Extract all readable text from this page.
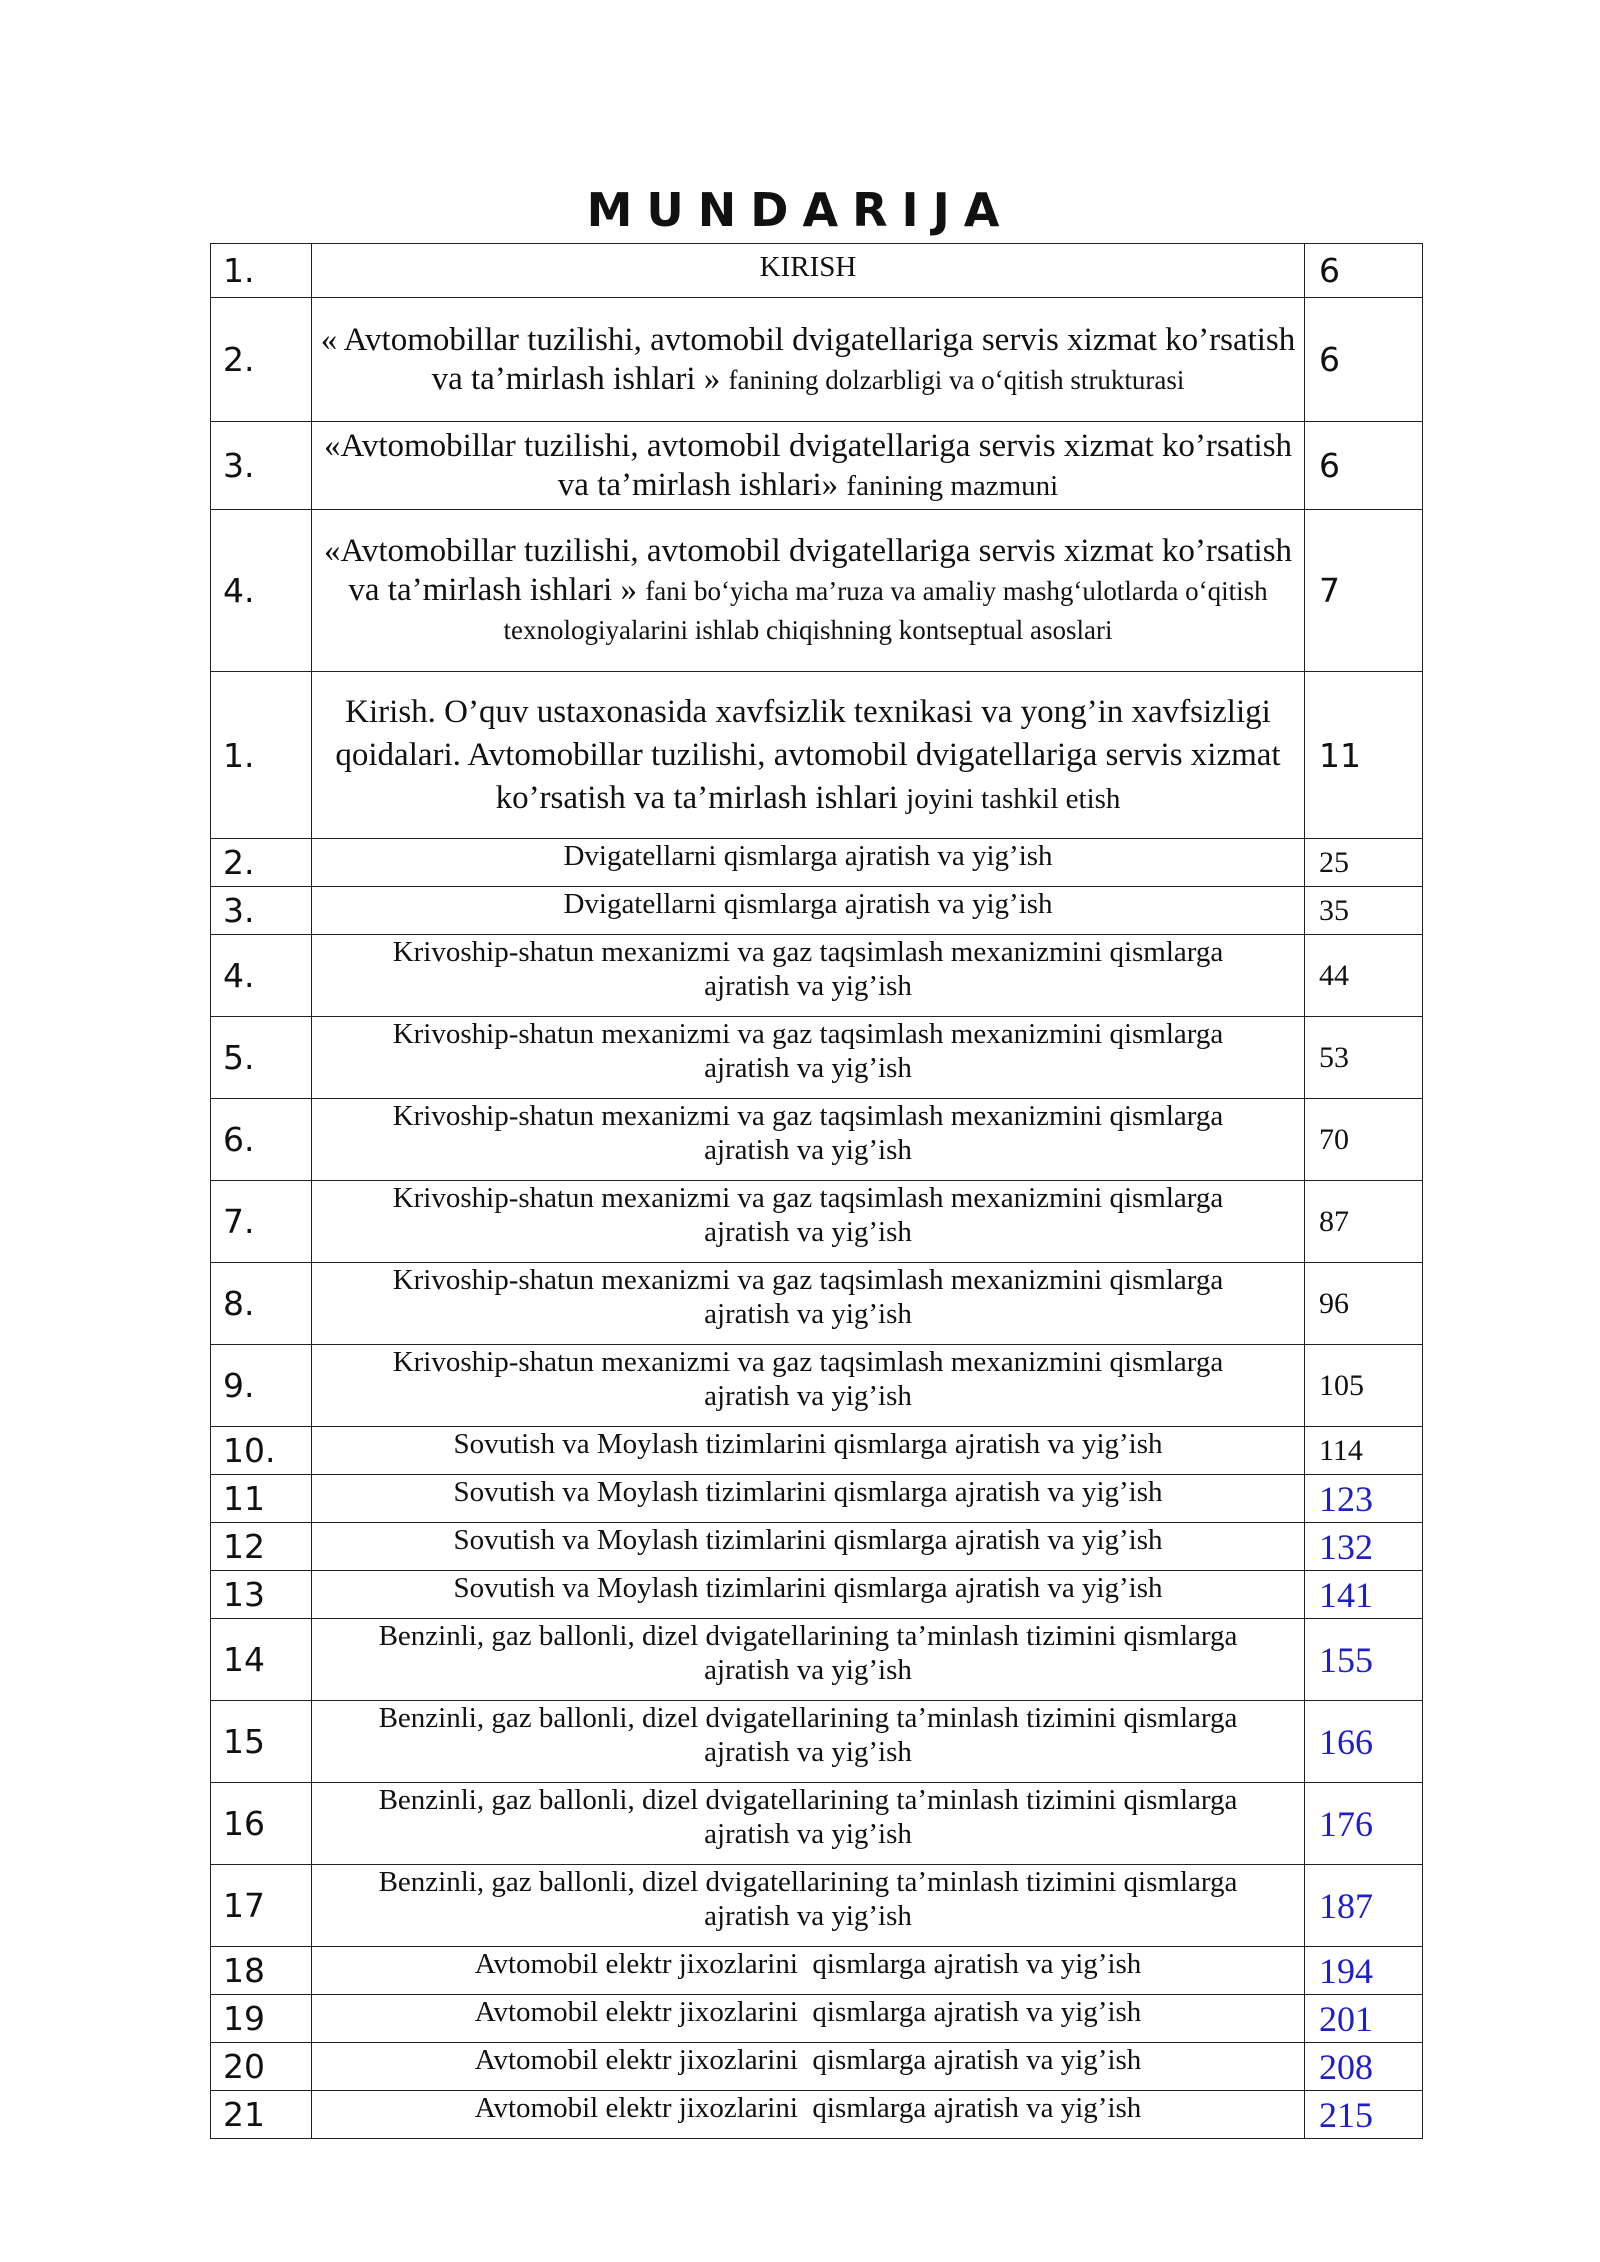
MUNDARIJA
1.	KIRISH	6
2.	« Avtomobillar tuzilishi, avtomobil dvigatellariga servis xizmat ko’rsatish va ta’mirlash ishlari » fanining dolzarbligi va oʻqitish strukturasi	6
3.	«Avtomobillar tuzilishi, avtomobil dvigatellariga servis xizmat ko’rsatish va ta’mirlash ishlari» fanining mazmuni	6
4.	«Avtomobillar tuzilishi, avtomobil dvigatellariga servis xizmat ko’rsatish va ta’mirlash ishlari » fani boʻyicha ma’ruza va amaliy mashgʻulotlarda oʻqitish texnologiyalarini ishlab chiqishning kontseptual asoslari	7
1.	Kirish. O’quv ustaxonasida xavfsizlik texnikasi va yong’in xavfsizligi qoidalari. Avtomobillar tuzilishi, avtomobil dvigatellariga servis xizmat ko’rsatish va ta’mirlash ishlari joyini tashkil etish	11
2.	Dvigatellarni qismlarga ajratish va yig’ish	25
3.	Dvigatellarni qismlarga ajratish va yig’ish	35
4.	Krivoship-shatun mexanizmi va gaz taqsimlash mexanizmini qismlarga ajratish va yig’ish	44
5.	Krivoship-shatun mexanizmi va gaz taqsimlash mexanizmini qismlarga ajratish va yig’ish	53
6.	Krivoship-shatun mexanizmi va gaz taqsimlash mexanizmini qismlarga ajratish va yig’ish	70
7.	Krivoship-shatun mexanizmi va gaz taqsimlash mexanizmini qismlarga ajratish va yig’ish	87
8.	Krivoship-shatun mexanizmi va gaz taqsimlash mexanizmini qismlarga ajratish va yig’ish	96
9.	Krivoship-shatun mexanizmi va gaz taqsimlash mexanizmini qismlarga ajratish va yig’ish	105
10.	Sovutish va Moylash tizimlarini qismlarga ajratish va yig’ish	114
11	Sovutish va Moylash tizimlarini qismlarga ajratish va yig’ish	123
12	Sovutish va Moylash tizimlarini qismlarga ajratish va yig’ish	132
13	Sovutish va Moylash tizimlarini qismlarga ajratish va yig’ish	141
14	Benzinli, gaz ballonli, dizel dvigatellarining ta’minlash tizimini qismlarga ajratish va yig’ish	155
15	Benzinli, gaz ballonli, dizel dvigatellarining ta’minlash tizimini qismlarga ajratish va yig’ish	166
16	Benzinli, gaz ballonli, dizel dvigatellarining ta’minlash tizimini qismlarga ajratish va yig’ish	176
17	Benzinli, gaz ballonli, dizel dvigatellarining ta’minlash tizimini qismlarga ajratish va yig’ish	187
18	Avtomobil elektr jixozlarini  qismlarga ajratish va yig’ish	194
19	Avtomobil elektr jixozlarini  qismlarga ajratish va yig’ish	201
20	Avtomobil elektr jixozlarini  qismlarga ajratish va yig’ish	208
21	Avtomobil elektr jixozlarini  qismlarga ajratish va yig’ish	215
